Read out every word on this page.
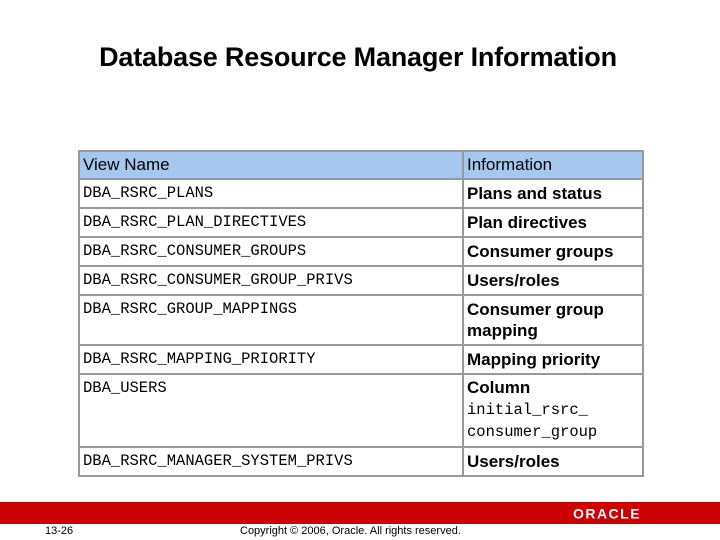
Database Resource Manager Information
View Name	Information
DBA_RSRC_PLANS	Plans and status
DBA_RSRC_PLAN_DIRECTIVES	Plan directives
DBA_RSRC_CONSUMER_GROUPS	Consumer groups
DBA_RSRC_CONSUMER_GROUP_PRIVS	Users/roles
DBA_RSRC_GROUP_MAPPINGS	Consumer group mapping
DBA_RSRC_MAPPING_PRIORITY	Mapping priority
DBA_USERS	Column
initial_rsrc_
consumer_group

DBA_RSRC_MANAGER_SYSTEM_PRIVS	Users/roles
ORACLE
13-26	Copyright © 2006, Oracle. All rights reserved.
